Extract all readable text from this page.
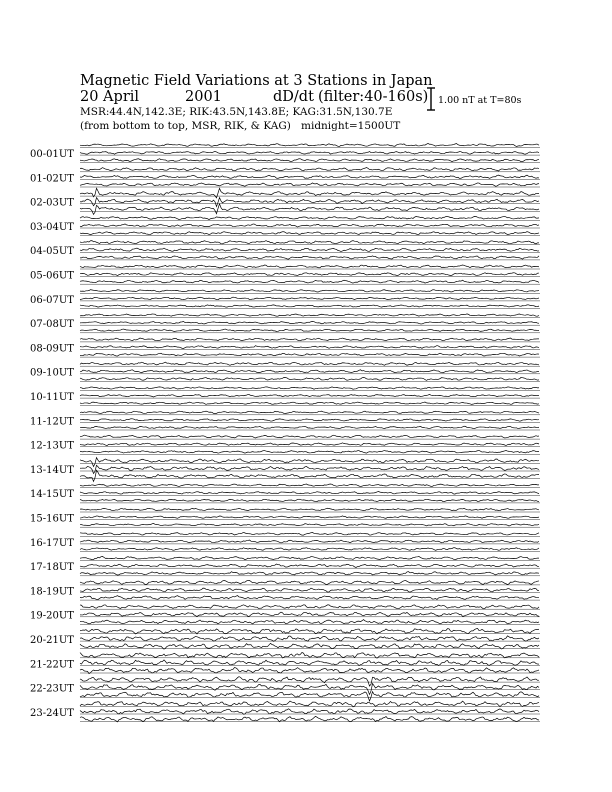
Magnetic Field Variations at 3 Stations in Japan
20 April	2001	dD/dt (filter:40-160s)
MSR:44.4N,142.3E; RIK:43.5N,143.8E; KAG:31.5N,130.7E
(from bottom to top, MSR, RIK, & KAG) midnight=1500UT
1.00 nT at T=80s
00-01UT
01-02UT
02-03UT
03-04UT
04-05UT
05-06UT
06-07UT
07-08UT
08-09UT
09-10UT
10-11UT
11-12UT
12-13UT
13-14UT
14-15UT
15-16UT
16-17UT
17-18UT
18-19UT
19-20UT
20-21UT
21-22UT
22-23UT
23-24UT
